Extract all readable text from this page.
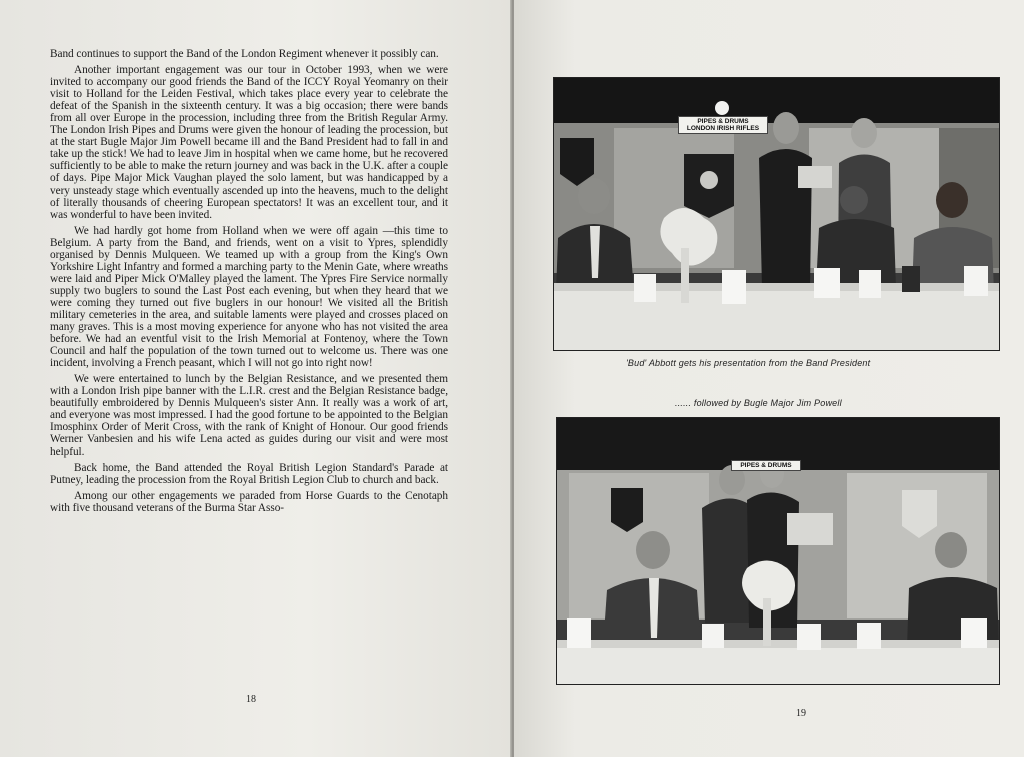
Band continues to support the Band of the London Regiment whenever it possibly can.

Another important engagement was our tour in October 1993, when we were invited to accompany our good friends the Band of the ICCY Royal Yeomanry on their visit to Holland for the Leiden Festival, which takes place every year to celebrate the defeat of the Spanish in the sixteenth century. It was a big occasion; there were bands from all over Europe in the procession, including three from the British Regular Army. The London Irish Pipes and Drums were given the honour of leading the procession, but at the start Bugle Major Jim Powell became ill and the Band President had to fall in and take up the stick! We had to leave Jim in hospital when we came home, but he recovered sufficiently to be able to make the return journey and was back in the U.K. after a couple of days. Pipe Major Mick Vaughan played the solo lament, but was handicapped by a very unsteady stage which eventually ascended up into the heavens, much to the delight of literally thousands of cheering European spectators! It was an excellent tour, and it was wonderful to have been invited.

We had hardly got home from Holland when we were off again —this time to Belgium. A party from the Band, and friends, went on a visit to Ypres, splendidly organised by Dennis Mulqueen. We teamed up with a group from the King's Own Yorkshire Light Infantry and formed a marching party to the Menin Gate, where wreaths were laid and Piper Mick O'Malley played the lament. The Ypres Fire Service normally supply two buglers to sound the Last Post each evening, but when they heard that we were coming they turned out five buglers in our honour! We visited all the British military cemeteries in the area, and suitable laments were played and crosses placed on many graves. This is a most moving experience for anyone who has not visited the area before. We had an eventful visit to the Irish Memorial at Fontenoy, where the Town Council and half the population of the town turned out to welcome us. There was one incident, involving a French peasant, which I will not go into right now!

We were entertained to lunch by the Belgian Resistance, and we presented them with a London Irish pipe banner with the L.I.R. crest and the Belgian Resistance badge, beautifully embroidered by Dennis Mulqueen's sister Ann. It really was a work of art, and everyone was most impressed. I had the good fortune to be appointed to the Belgian Imosphinx Order of Merit Cross, with the rank of Knight of Honour. Our good friends Werner Vanbesien and his wife Lena acted as guides during our visit and were most helpful.

Back home, the Band attended the Royal British Legion Standard's Parade at Putney, leading the procession from the Royal British Legion Club to church and back.

Among our other engagements we paraded from Horse Guards to the Cenotaph with five thousand veterans of the Burma Star Asso-

18
PIPES & DRUMS
LONDON IRISH RIFLES
'Bud' Abbott gets his presentation from the Band President
...... followed by Bugle Major Jim Powell
PIPES & DRUMS
19
